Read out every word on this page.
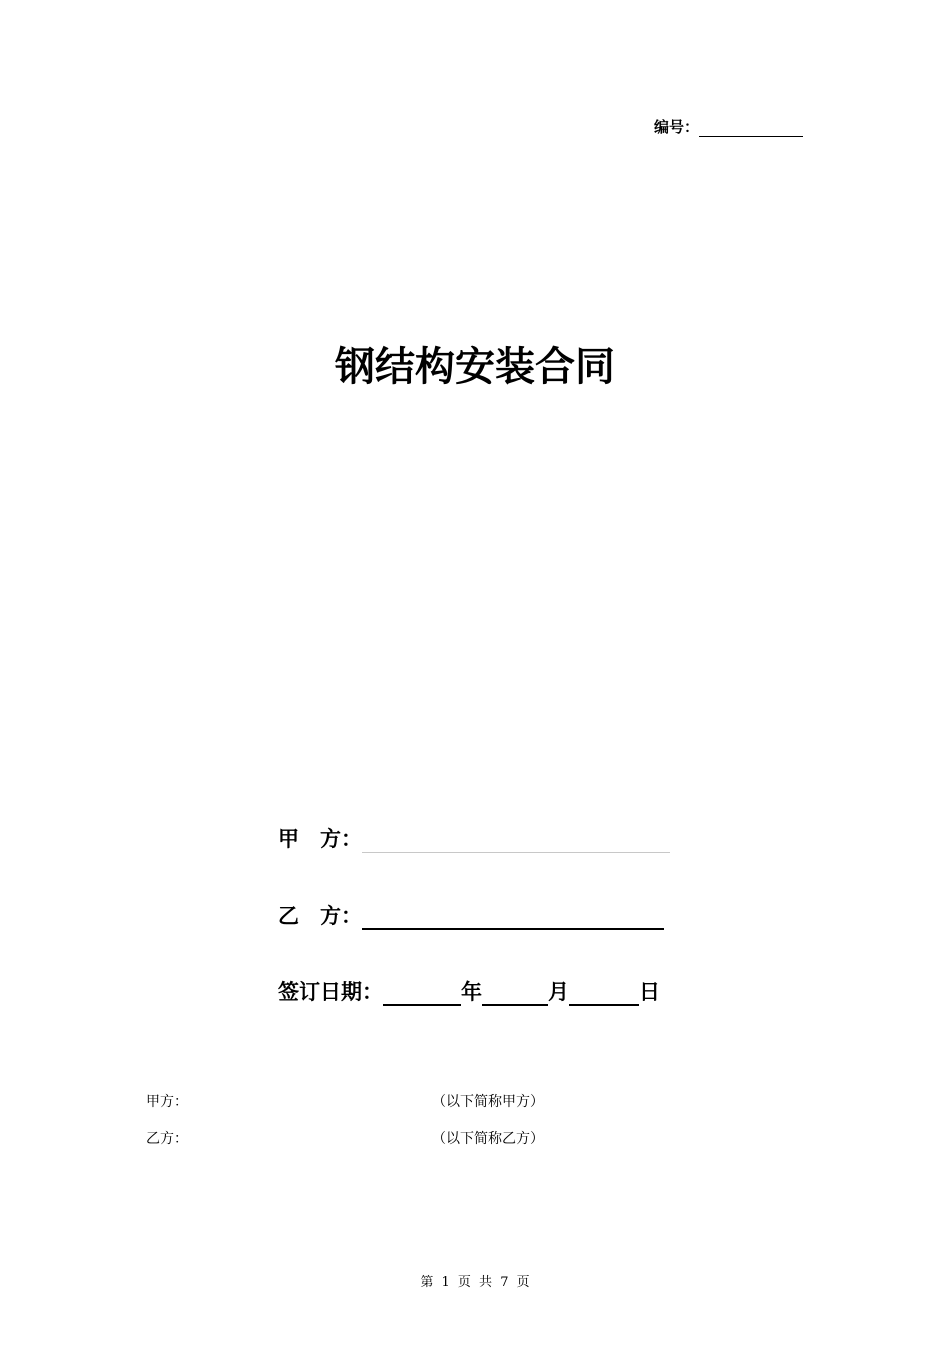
编号：
钢结构安装合同
甲　方：
乙　方：
签订日期：	年	月	日
甲方：	（以下简称甲方）
乙方：	（以下简称乙方）
第 1 页 共 7 页
